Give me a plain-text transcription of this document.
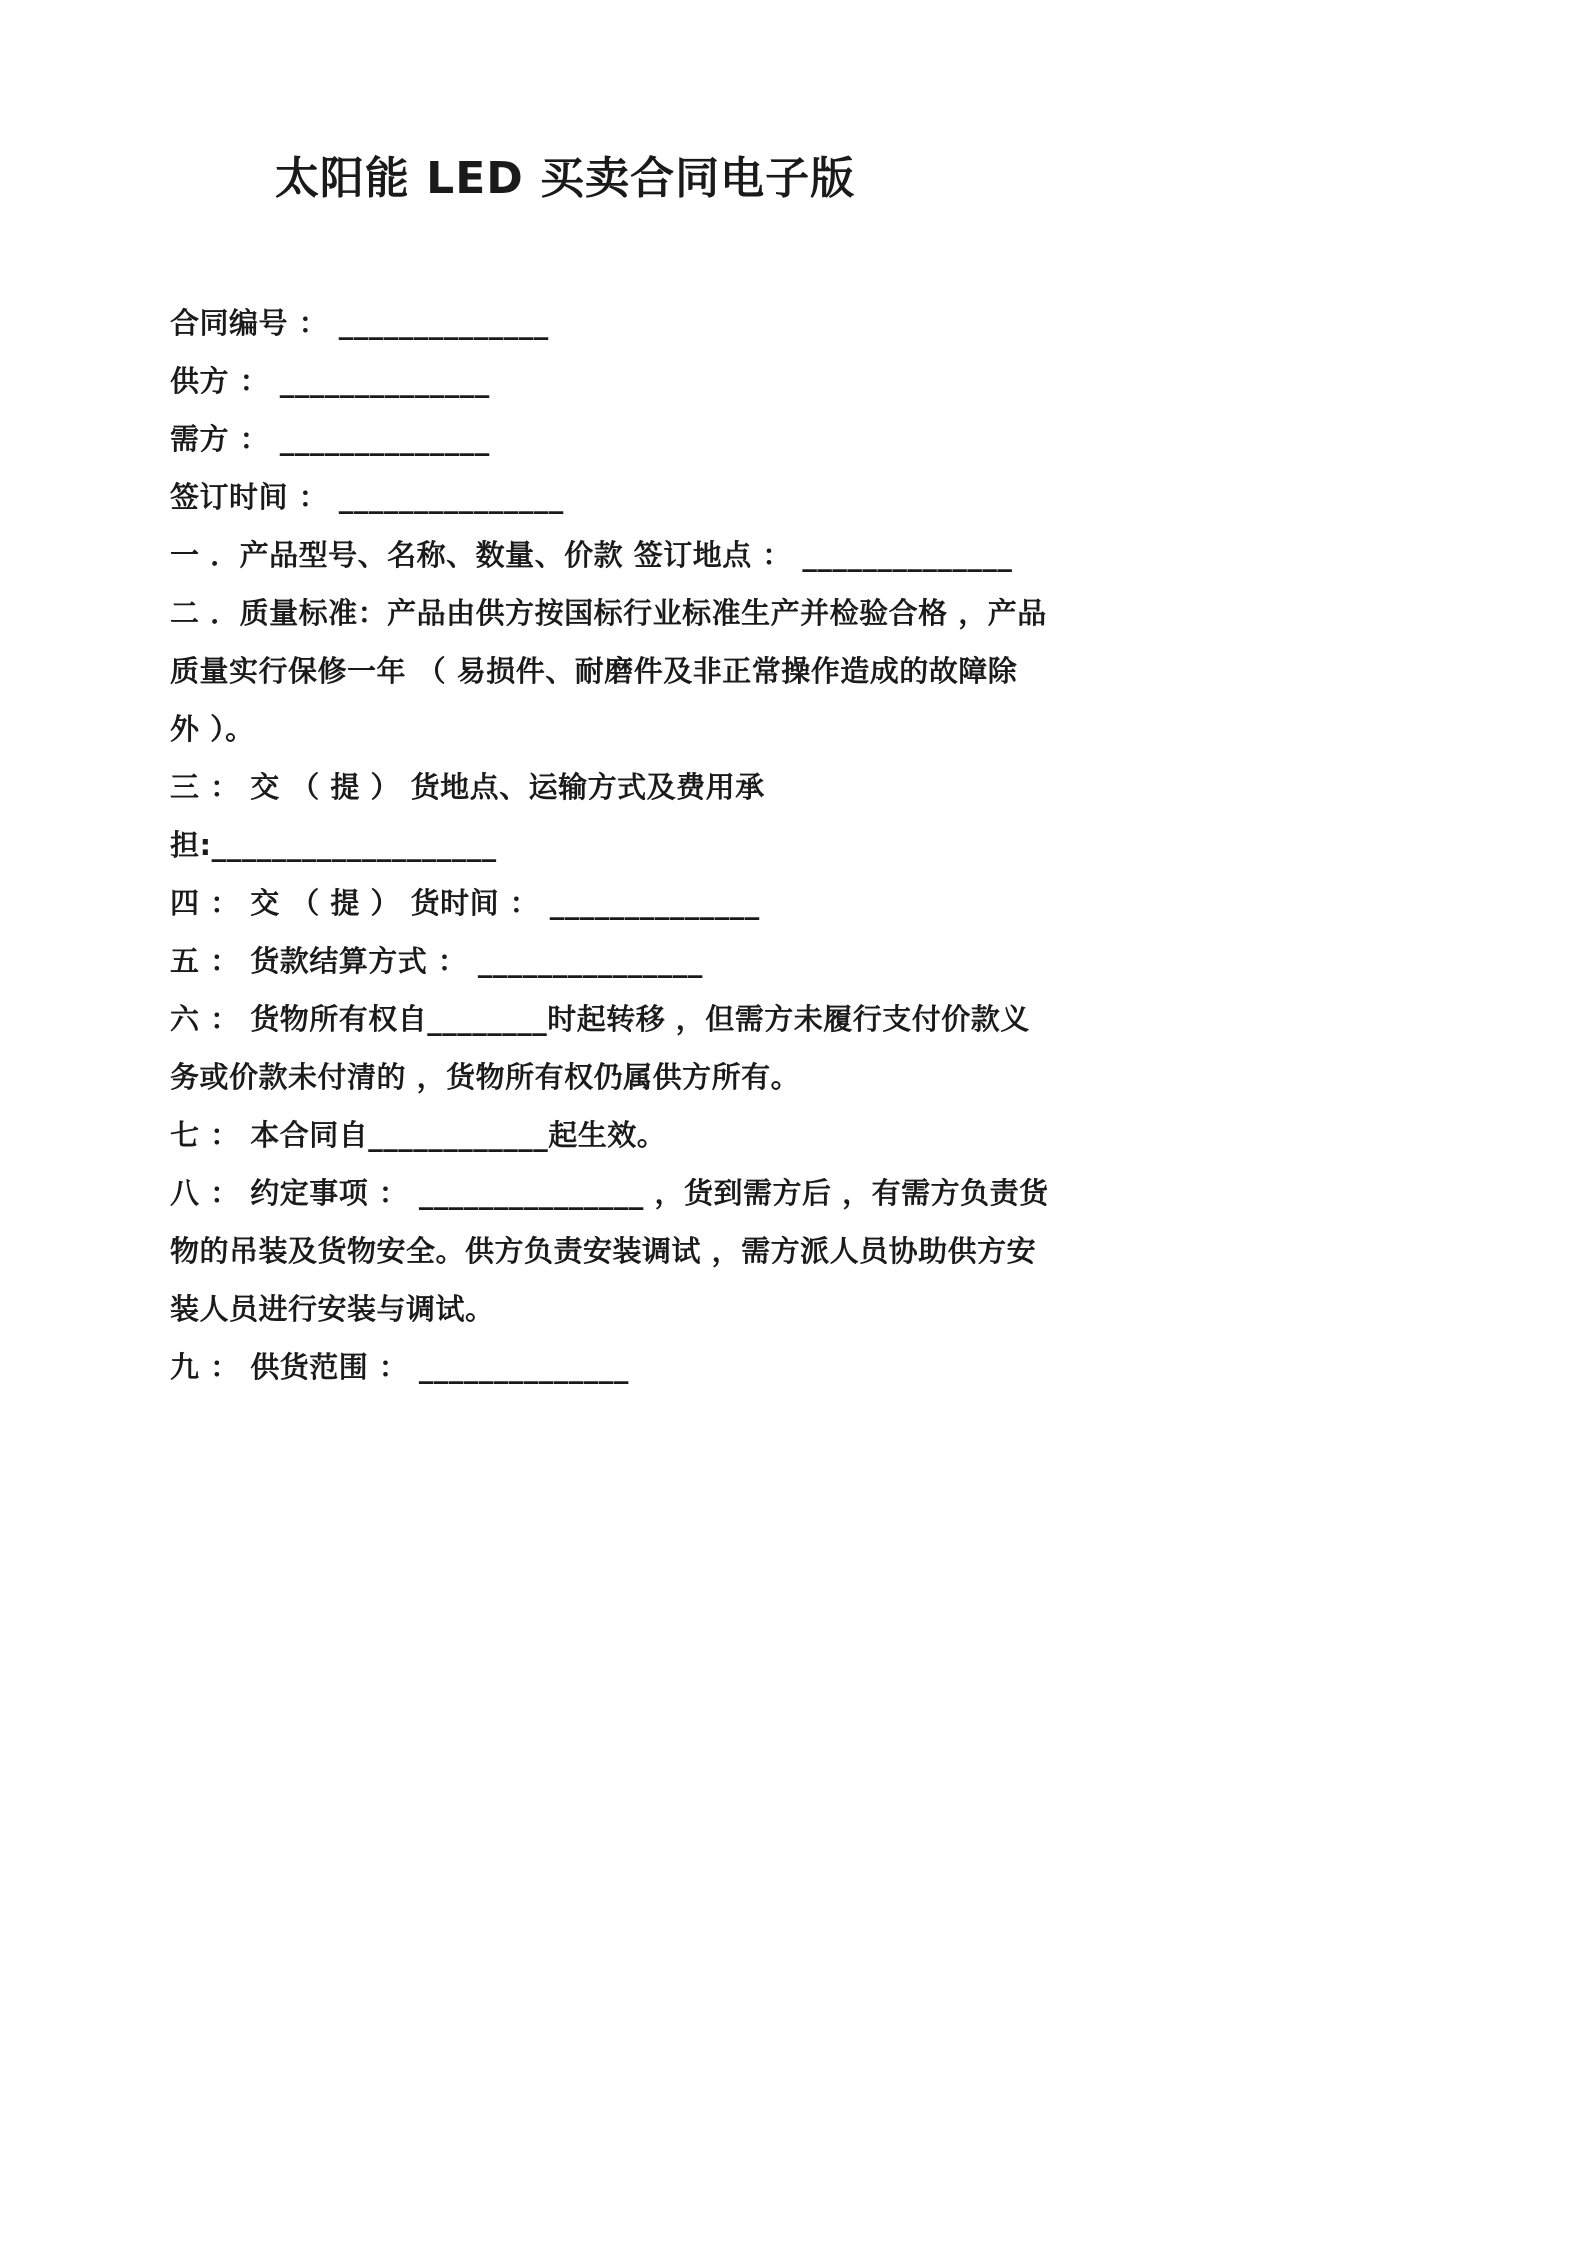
太阳能 LED 买卖合同电子版
合同编号 ： ______________
供方 ： ______________
需方 ： ______________
签订时间 ： _______________
一 ．产品型号、名称、数量、价款 签订地点 ： ______________
二 ．质量标准：产品由供方按国标行业标准生产并检验合格 ，产品
质量实行保修一年 （ 易损件、耐磨件及非正常操作造成的故障除
外 ）。
三 ： 交 （ 提 ） 货地点、运输方式及费用承
担:___________________
四 ： 交 （ 提 ） 货时间 ： ______________
五 ： 货款结算方式 ： _______________
六 ： 货物所有权自________时起转移 ，但需方未履行支付价款义
务或价款未付清的 ，货物所有权仍属供方所有。
七 ： 本合同自____________起生效。
八 ： 约定事项 ： _______________ ，货到需方后 ，有需方负责货
物的吊装及货物安全。供方负责安装调试 ，需方派人员协助供方安
装人员进行安装与调试。
九 ： 供货范围 ： ______________
